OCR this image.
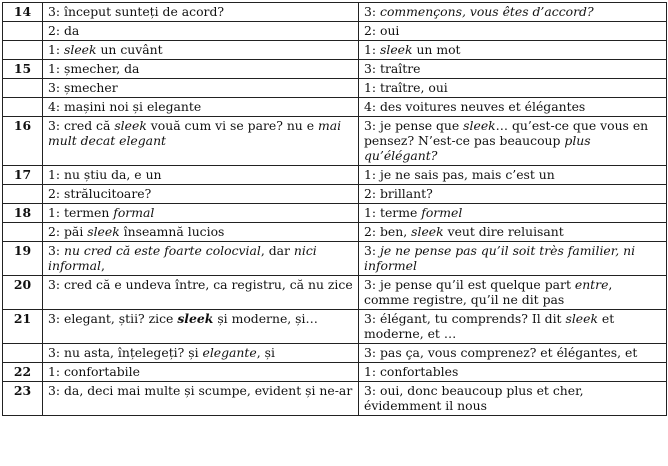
14	3: început sunteți de acord?	3: commençons, vous êtes d’accord?
	2: da	2: oui
	1: sleek un cuvânt	1: sleek un mot
15	1: șmecher, da	3: traître
	3: șmecher	1: traître, oui
	4: mașini noi și elegante	4: des voitures neuves et élégantes
16	3: cred că sleek vouă cum vi se pare? nu e mai mult decat elegant	3: je pense que sleek… qu’est-ce que vous en pensez? N’est-ce pas beaucoup plus qu’élégant?
17	1: nu știu da, e un	1: je ne sais pas, mais c’est un
	2: strălucitoare?	2: brillant?
18	1: termen formal	1: terme formel
	2: păi sleek înseamnă lucios	2: ben, sleek veut dire reluisant
19	3: nu cred că este foarte colocvial, dar nici informal,	3: je ne pense pas qu’il soit très familier, ni informel
20	3: cred că e undeva între, ca registru, că nu zice	3: je pense qu’il est quelque part entre, comme registre, qu’il ne dit pas
21	3: elegant, știi? zice sleek și moderne, și…	3: élégant, tu comprends? Il dit sleek et moderne, et …
	3: nu asta, înțelegeți? și elegante, și	3: pas ça, vous comprenez? et élégantes, et
22	1: confortabile	1: confortables
23	3: da, deci mai multe și scumpe, evident și ne-ar	3: oui, donc beaucoup plus et cher, évidemment il nous
